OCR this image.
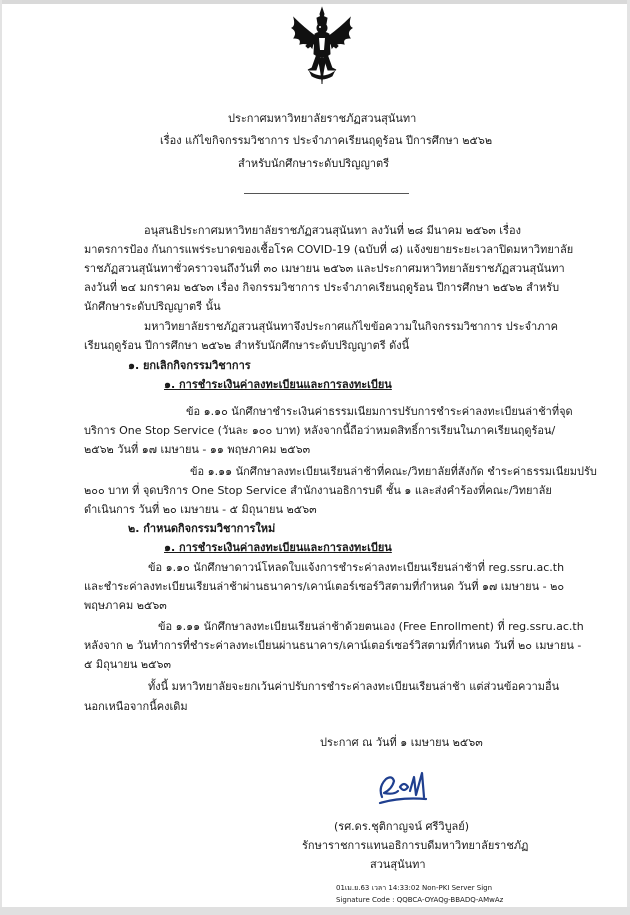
ประกาศมหาวิทยาลัยราชภัฏสวนสุนันทา
เรื่อง แก้ไขกิจกรรมวิชาการ ประจำภาคเรียนฤดูร้อน ปีการศึกษา ๒๕๖๒
สำหรับนักศึกษาระดับปริญญาตรี
อนุสนธิประกาศมหาวิทยาลัยราชภัฏสวนสุนันทา ลงวันที่ ๒๘ มีนาคม ๒๕๖๓ เรื่อง
มาตรการป้อง กันการแพร่ระบาดของเชื้อโรค COVID-19 (ฉบับที่ ๘) แจ้งขยายระยะเวลาปิดมหาวิทยาลัย
ราชภัฏสวนสุนันทาชั่วคราวจนถึงวันที่ ๓๐ เมษายน ๒๕๖๓ และประกาศมหาวิทยาลัยราชภัฏสวนสุนันทา
ลงวันที่ ๒๔ มกราคม ๒๕๖๓ เรื่อง กิจกรรมวิชาการ ประจำภาคเรียนฤดูร้อน ปีการศึกษา ๒๕๖๒ สำหรับ
นักศึกษาระดับปริญญาตรี นั้น
มหาวิทยาลัยราชภัฏสวนสุนันทาจึงประกาศแก้ไขข้อความในกิจกรรมวิชาการ ประจำภาค
เรียนฤดูร้อน ปีการศึกษา ๒๕๖๒ สำหรับนักศึกษาระดับปริญญาตรี ดังนี้
๑. ยกเลิกกิจกรรมวิชาการ
๑. การชำระเงินค่าลงทะเบียนและการลงทะเบียน
ข้อ ๑.๑๐ นักศึกษาชำระเงินค่าธรรมเนียมการปรับการชำระค่าลงทะเบียนล่าช้าที่จุด
บริการ One Stop Service (วันละ ๑๐๐ บาท) หลังจากนี้ถือว่าหมดสิทธิ์การเรียนในภาคเรียนฤดูร้อน/
๒๕๖๒ วันที่ ๑๗ เมษายน - ๑๑ พฤษภาคม ๒๕๖๓
ข้อ ๑.๑๑ นักศึกษาลงทะเบียนเรียนล่าช้าที่คณะ/วิทยาลัยที่สังกัด ชำระค่าธรรมเนียมปรับ
๒๐๐ บาท ที่ จุดบริการ One Stop Service สำนักงานอธิการบดี ชั้น ๑ และส่งคำร้องที่คณะ/วิทยาลัย
ดำเนินการ วันที่ ๒๐ เมษายน - ๕ มิถุนายน ๒๕๖๓
๒. กำหนดกิจกรรมวิชาการใหม่
๑. การชำระเงินค่าลงทะเบียนและการลงทะเบียน
ข้อ ๑.๑๐ นักศึกษาดาวน์โหลดใบแจ้งการชำระค่าลงทะเบียนเรียนล่าช้าที่ reg.ssru.ac.th
และชำระค่าลงทะเบียนเรียนล่าช้าผ่านธนาคาร/เคาน์เตอร์เซอร์วิสตามที่กำหนด วันที่ ๑๗ เมษายน - ๒๐
พฤษภาคม ๒๕๖๓
ข้อ ๑.๑๑ นักศึกษาลงทะเบียนเรียนล่าช้าด้วยตนเอง (Free Enrollment) ที่ reg.ssru.ac.th
หลังจาก ๒ วันทำการที่ชำระค่าลงทะเบียนผ่านธนาคาร/เคาน์เตอร์เซอร์วิสตามที่กำหนด วันที่ ๒๐ เมษายน -
๕ มิถุนายน ๒๕๖๓
ทั้งนี้ มหาวิทยาลัยจะยกเว้นค่าปรับการชำระค่าลงทะเบียนเรียนล่าช้า แต่ส่วนข้อความอื่น
นอกเหนือจากนี้คงเดิม
ประกาศ ณ วันที่ ๑ เมษายน ๒๕๖๓
(รศ.ดร.ชุติกาญจน์ ศรีวิบูลย์)
รักษาราชการแทนอธิการบดีมหาวิทยาลัยราชภัฏ
สวนสุนันทา
01เม.ย.63 เวลา 14:33:02 Non-PKI Server Sign
Signature Code : QQBCA-OYAQg-BBADQ-AMwAz
